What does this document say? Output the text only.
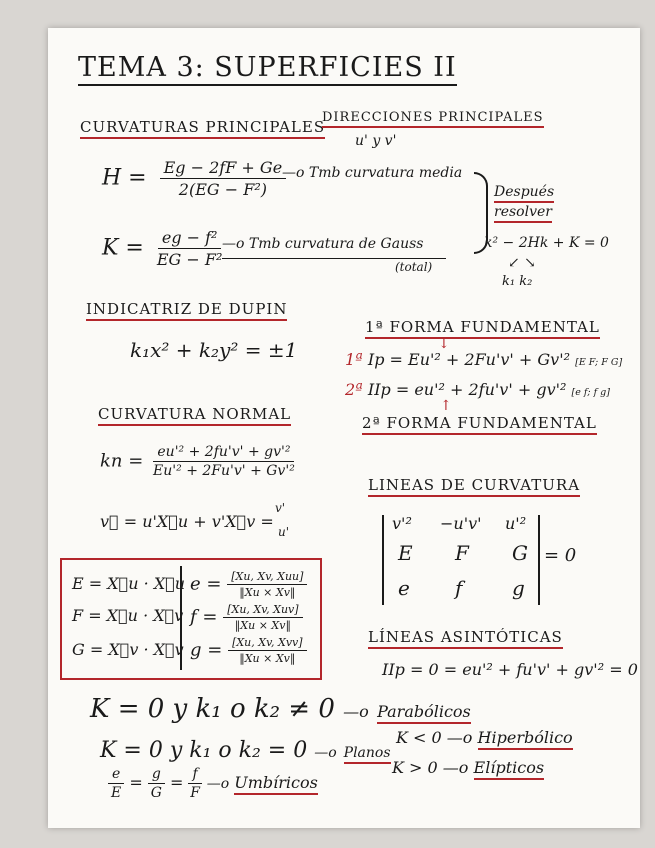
TEMA 3: SUPERFICIES II
CURVATURAS PRINCIPALES
DIRECCIONES PRINCIPALES
u' y v'
$H = \frac{Eg - 2fF + Ge}{\text{2(EG − F²)}}$
—o Tmb curvatura media
Después
resolver
k² − 2Hk + K = 0
↙ ↘
k₁ k₂
$K = \frac{\text{eg − f²}}{\text{EG − F²}}$ —o Tmb curvatura de Gauss
(total)
INDICATRIZ DE DUPIN
k₁x² + k₂y² = ±1
1ª FORMA FUNDAMENTAL
1ª Ip = Eu'² + 2Fu'v' + Gv'² [E F; F G]
↓
2ª IIp = eu'² + 2fu'v' + gv'² [e f; f g]
↑
2ª FORMA FUNDAMENTAL
CURVATURA NORMAL
kn = $\frac{\text{eu'² + 2fu'v' + gv'²}}{\text{Eu'² + 2Fu'v' + Gv'²}}$
v⃗ = u'X⃗u + v'X⃗v =
v'
u'
E = X⃗u · X⃗u
F = X⃗u · X⃗v
G = X⃗v · X⃗v
$e = \frac{\text{[Xu, Xv, Xuu]}}{‖Xu \times Xv‖}$
$f = \frac{\text{[Xu, Xv, Xuv]}}{‖Xu \times Xv‖}$
$g = \frac{\text{[Xu, Xv, Xvv]}}{‖Xu \times Xv‖}$
LINEAS DE CURVATURA
v'² −u'v' u'²
E F G
e f g
= 0
LÍNEAS ASINTÓTICAS
IIp = 0 = eu'² + fu'v' + gv'² = 0
K = 0 y k₁ o k₂ ≠ 0 —o Parabólicos
K = 0 y k₁ o k₂ = 0 —o Planos
K < 0 —o Hiperbólico
K > 0 —o Elípticos
$\frac{e}{E} = \frac{g}{G} = \frac{f}{F}$ —o Umbíricos
